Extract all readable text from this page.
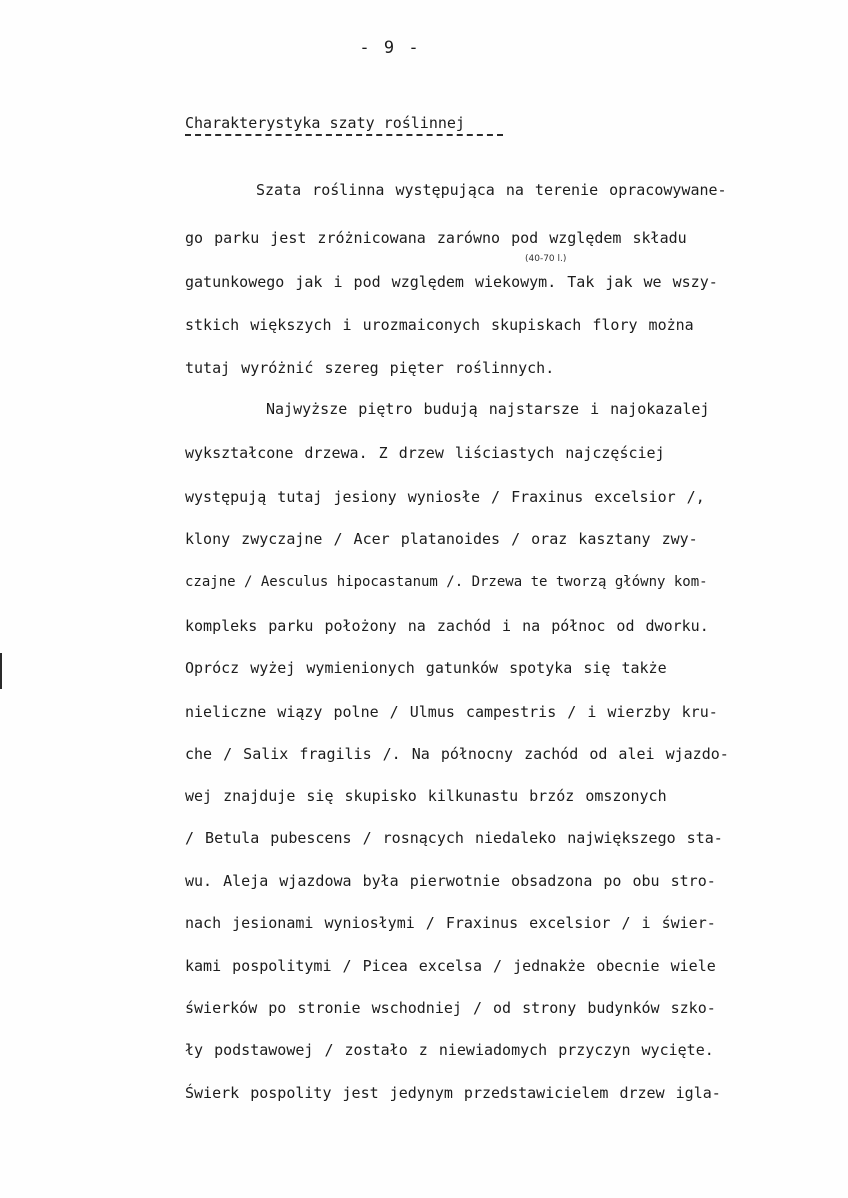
- 9 -
Charakterystyka szaty roślinnej
(40-70 l.)
Szata roślinna występująca na terenie opracowywane-
go parku jest zróżnicowana zarówno pod względem składu
gatunkowego jak i pod względem wiekowym. Tak jak we wszy-
stkich większych i urozmaiconych skupiskach flory można
tutaj wyróżnić szereg pięter roślinnych.
Najwyższe piętro budują najstarsze i najokazalej
wykształcone drzewa. Z drzew liściastych najczęściej
występują tutaj jesiony wyniosłe / Fraxinus excelsior /,
klony zwyczajne / Acer platanoides / oraz kasztany zwy-
czajne / Aesculus hipocastanum /. Drzewa te tworzą główny kom-
kompleks parku położony na zachód i na północ od dworku.
Oprócz wyżej wymienionych gatunków spotyka się także
nieliczne wiązy polne / Ulmus campestris / i wierzby kru-
che / Salix fragilis /. Na północny zachód od alei wjazdo-
wej znajduje się skupisko kilkunastu brzóz omszonych
/ Betula pubescens / rosnących niedaleko największego sta-
wu. Aleja wjazdowa była pierwotnie obsadzona po obu stro-
nach jesionami wyniosłymi / Fraxinus excelsior / i świer-
kami pospolitymi / Picea excelsa / jednakże obecnie wiele
świerków po stronie wschodniej / od strony budynków szko-
ły podstawowej / zostało z niewiadomych przyczyn wycięte.
Świerk pospolity jest jedynym przedstawicielem drzew igla-
